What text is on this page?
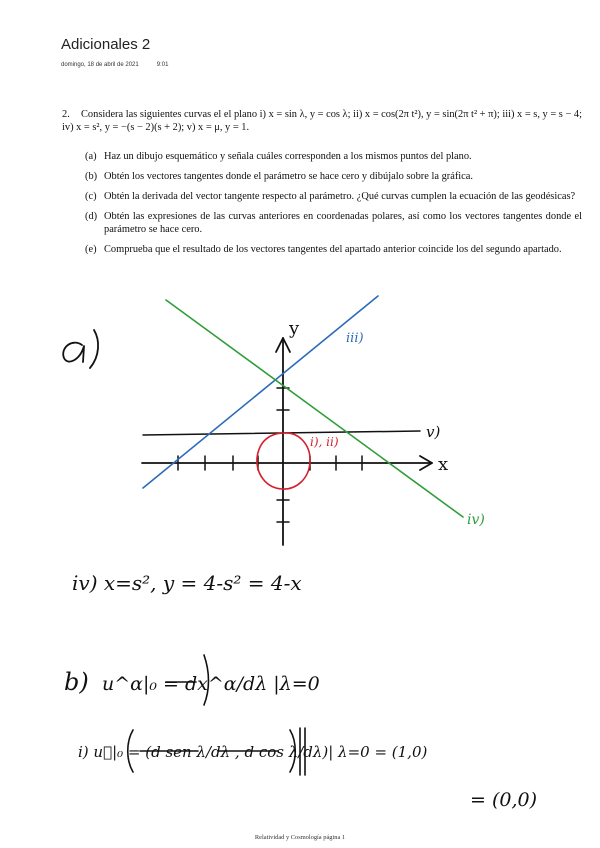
Adicionales 2
domingo, 18 de abril de 2021	9:01
2. Considera las siguientes curvas el el plano i) x = sin λ, y = cos λ; ii) x = cos(2π t²), y = sin(2π t² + π); iii) x = s, y = s − 4; iv) x = s², y = −(s − 2)(s + 2); v) x = μ, y = 1.
(a) Haz un dibujo esquemático y señala cuáles corresponden a los mismos puntos del plano.
(b) Obtén los vectores tangentes donde el parámetro se hace cero y dibújalo sobre la gráfica.
(c) Obtén la derivada del vector tangente respecto al parámetro. ¿Qué curvas cumplen la ecuación de las geodésicas?
(d) Obtén las expresiones de las curvas anteriores en coordenadas polares, así como los vectores tangentes donde el parámetro se hace cero.
(e) Comprueba que el resultado de los vectores tangentes del apartado anterior coincide los del segundo apartado.
y
x
iii)
v)
i), ii)
iv)
iv) x=s², y = 4-s² = 4-x
b) u^α|₀ = dx^α/dλ |λ=0
i) u⃗|₀ = (d sen λ/dλ , d cos λ/dλ)| λ=0 = (1,0)
= (0,0)
Relatividad y Cosmología página 1
